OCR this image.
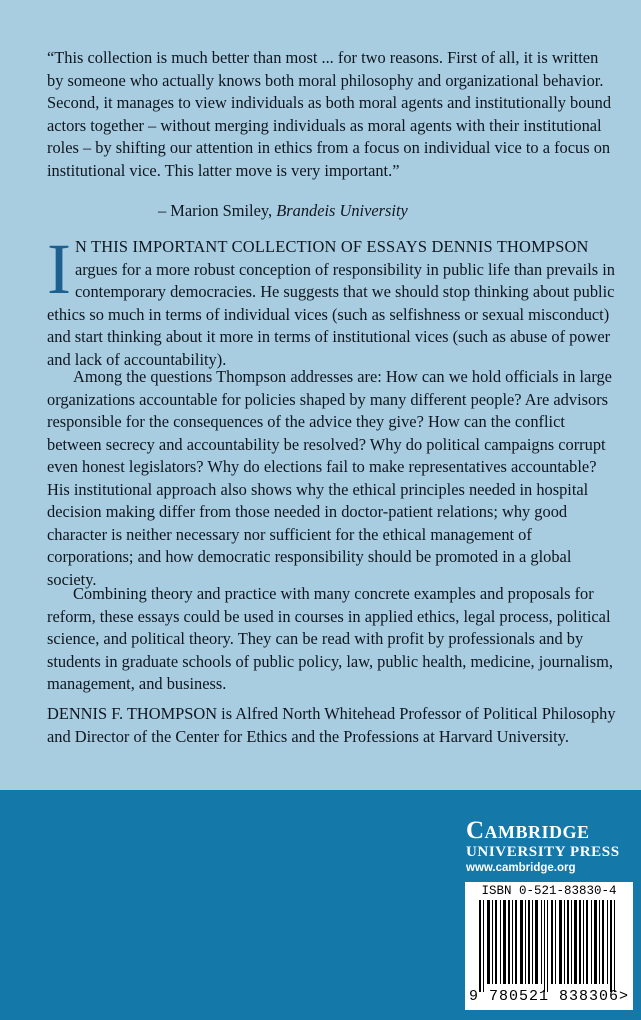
“This collection is much better than most ... for two reasons. First of all, it is written by someone who actually knows both moral philosophy and organizational behavior. Second, it manages to view individuals as both moral agents and institutionally bound actors together – without merging individuals as moral agents with their institutional roles – by shifting our attention in ethics from a focus on individual vice to a focus on institutional vice. This latter move is very important.”

– Marion Smiley, Brandeis University

I N THIS IMPORTANT COLLECTION OF ESSAYS DENNIS THOMPSON argues for a more robust conception of responsibility in public life than prevails in contemporary democracies. He suggests that we should stop thinking about public ethics so much in terms of individual vices (such as selfishness or sexual misconduct) and start thinking about it more in terms of institutional vices (such as abuse of power and lack of accountability).

Among the questions Thompson addresses are: How can we hold officials in large organizations accountable for policies shaped by many different people? Are advisors responsible for the consequences of the advice they give? How can the conflict between secrecy and accountability be resolved? Why do political campaigns corrupt even honest legislators? Why do elections fail to make representatives accountable? His institutional approach also shows why the ethical principles needed in hospital decision making differ from those needed in doctor-patient relations; why good character is neither necessary nor sufficient for the ethical management of corporations; and how democratic responsibility should be promoted in a global society.

Combining theory and practice with many concrete examples and proposals for reform, these essays could be used in courses in applied ethics, legal process, political science, and political theory. They can be read with profit by professionals and by students in graduate schools of public policy, law, public health, medicine, journalism, management, and business.

DENNIS F. THOMPSON is Alfred North Whitehead Professor of Political Philosophy and Director of the Center for Ethics and the Professions at Harvard University.

Cambridge
UNIVERSITY PRESS
www.cambridge.org
ISBN 0-521-83830-4
9 780521 838306>
